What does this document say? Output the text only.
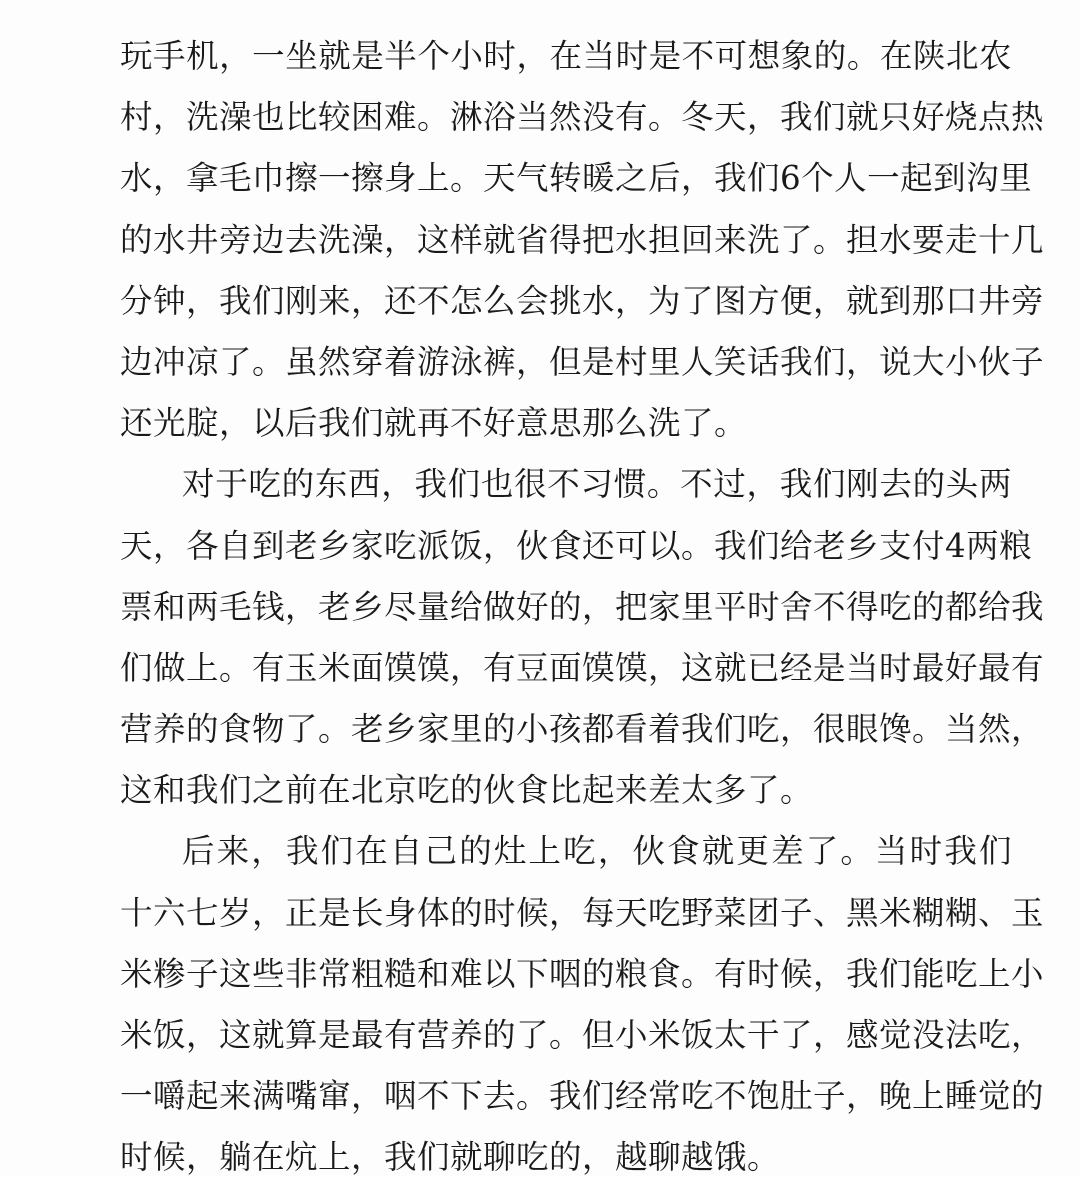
玩手机，一坐就是半个小时，在当时是不可想象的。在陕北农
村，洗澡也比较困难。淋浴当然没有。冬天，我们就只好烧点热
水，拿毛巾擦一擦身上。天气转暖之后，我们6个人一起到沟里
的水井旁边去洗澡，这样就省得把水担回来洗了。担水要走十几
分钟，我们刚来，还不怎么会挑水，为了图方便，就到那口井旁
边冲凉了。虽然穿着游泳裤，但是村里人笑话我们，说大小伙子
还光腚，以后我们就再不好意思那么洗了。
对于吃的东西，我们也很不习惯。不过，我们刚去的头两
天，各自到老乡家吃派饭，伙食还可以。我们给老乡支付4两粮
票和两毛钱，老乡尽量给做好的，把家里平时舍不得吃的都给我
们做上。有玉米面馍馍，有豆面馍馍，这就已经是当时最好最有
营养的食物了。老乡家里的小孩都看着我们吃，很眼馋。当然，
这和我们之前在北京吃的伙食比起来差太多了。
后来，我们在自己的灶上吃，伙食就更差了。当时我们
十六七岁，正是长身体的时候，每天吃野菜团子、黑米糊糊、玉
米糁子这些非常粗糙和难以下咽的粮食。有时候，我们能吃上小
米饭，这就算是最有营养的了。但小米饭太干了，感觉没法吃，
一嚼起来满嘴窜，咽不下去。我们经常吃不饱肚子，晚上睡觉的
时候，躺在炕上，我们就聊吃的，越聊越饿。
